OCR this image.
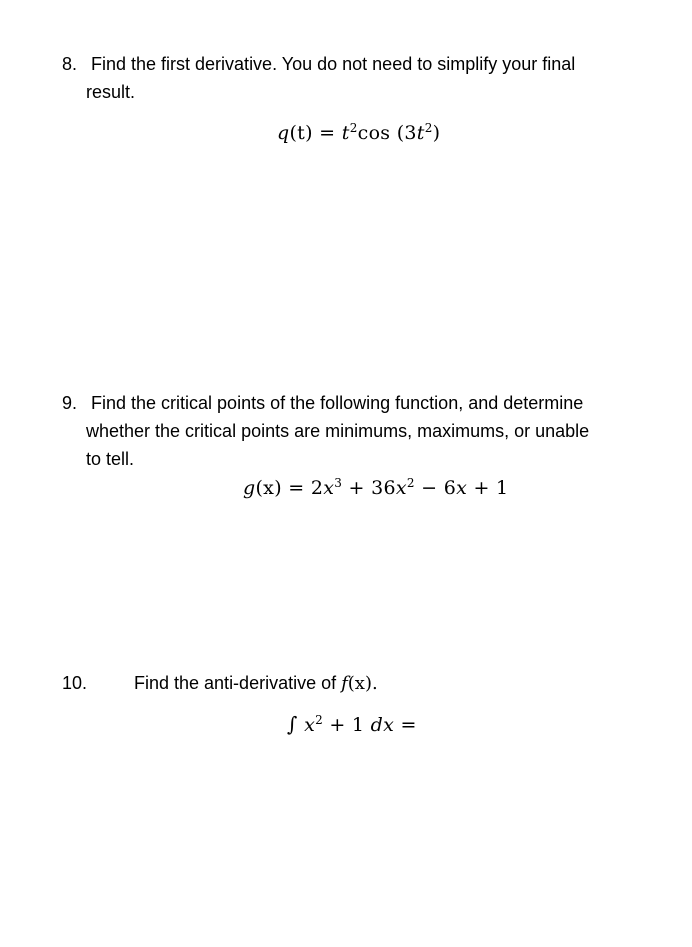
8. Find the first derivative. You do not need to simplify your final
result.
$q(t) = t^2\cos$ $(3t^2)$
9. Find the critical points of the following function, and determine
whether the critical points are minimums, maximums, or unable
to tell.
$g(x) = 2x^3 + 36x^2 - 6x + 1$
10.	Find the anti-derivative of f(x).
∫ $x^2 + 1$ dx =
